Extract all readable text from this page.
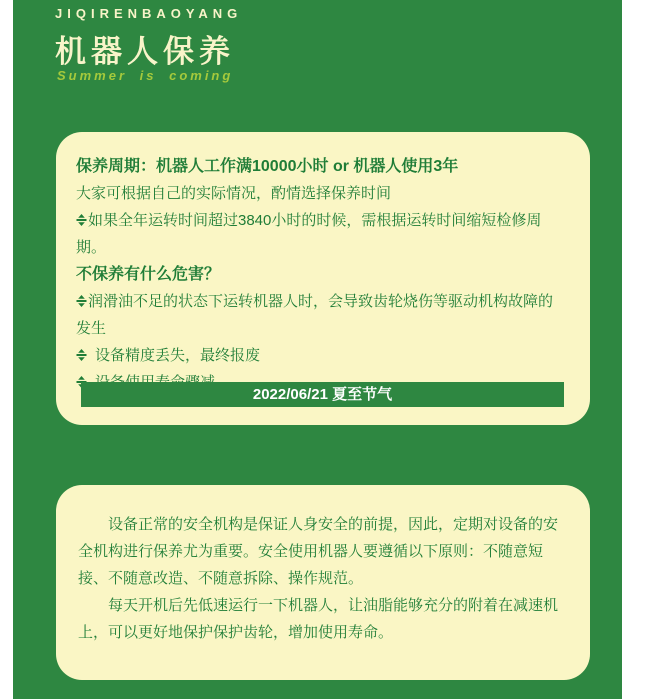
JIQIRENBAOYANG
机器人保养
Summer is coming

保养周期：机器人工作满10000小时 or 机器人使用3年

大家可根据自己的实际情况，酌情选择保养时间

如果全年运转时间超过3840小时的时候，需根据运转时间缩短检修周期。

不保养有什么危害？

润滑油不足的状态下运转机器人时，会导致齿轮烧伤等驱动机构故障的发生

设备精度丢失，最终报废

2022/06/21 夏至节气

设备正常的安全机构是保证人身安全的前提，因此，定期对设备的安全机构进行保养尤为重要。安全使用机器人要遵循以下原则：不随意短接、不随意改造、不随意拆除、操作规范。

每天开机后先低速运行一下机器人，让油脂能够充分的附着在减速机上，可以更好地保护保护齿轮，增加使用寿命。
